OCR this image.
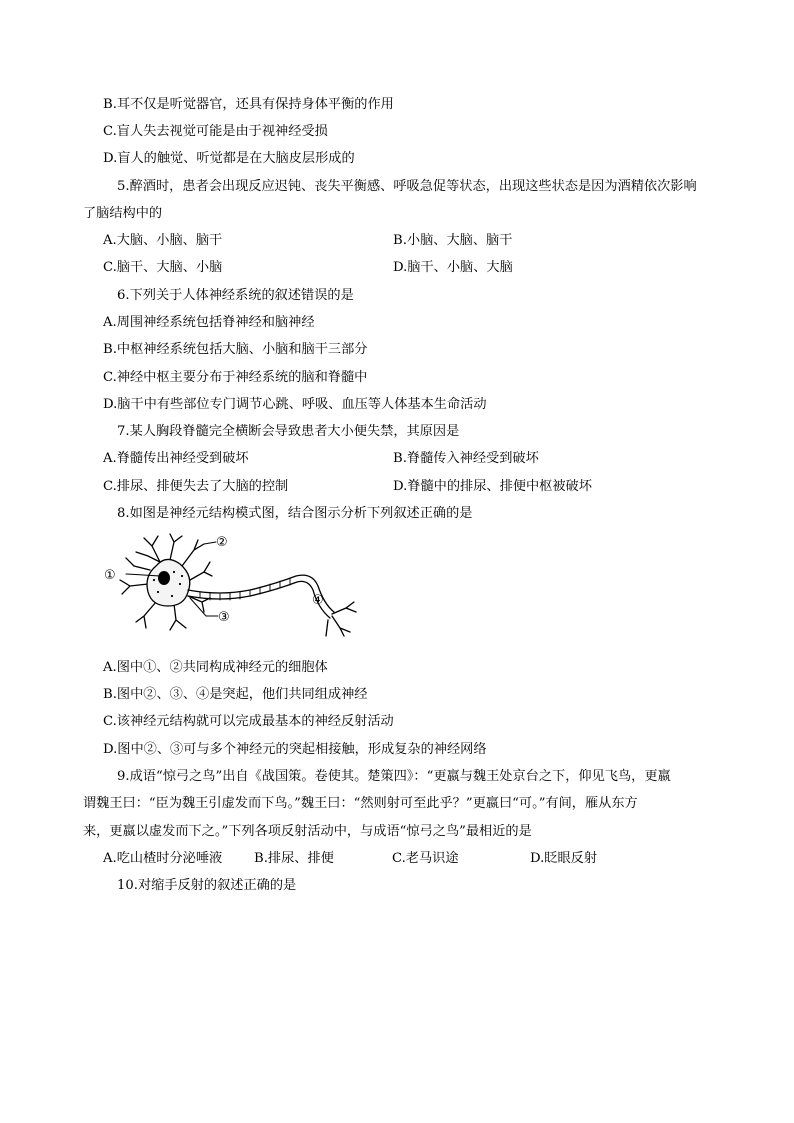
B.耳不仅是听觉器官，还具有保持身体平衡的作用
C.盲人失去视觉可能是由于视神经受损
D.盲人的触觉、听觉都是在大脑皮层形成的
5.醉酒时，患者会出现反应迟钝、丧失平衡感、呼吸急促等状态，出现这些状态是因为酒精依次影响
了脑结构中的
A.大脑、小脑、脑干	B.小脑、大脑、脑干
C.脑干、大脑、小脑	D.脑干、小脑、大脑
6.下列关于人体神经系统的叙述错误的是
A.周围神经系统包括脊神经和脑神经
B.中枢神经系统包括大脑、小脑和脑干三部分
C.神经中枢主要分布于神经系统的脑和脊髓中
D.脑干中有些部位专门调节心跳、呼吸、血压等人体基本生命活动
7.某人胸段脊髓完全横断会导致患者大小便失禁，其原因是
A.脊髓传出神经受到破坏	B.脊髓传入神经受到破坏
C.排尿、排便失去了大脑的控制	D.脊髓中的排尿、排便中枢被破坏
8.如图是神经元结构模式图，结合图示分析下列叙述正确的是
①
②
③
④
A.图中①、②共同构成神经元的细胞体
B.图中②、③、④是突起，他们共同组成神经
C.该神经元结构就可以完成最基本的神经反射活动
D.图中②、③可与多个神经元的突起相接触，形成复杂的神经网络
9.成语“惊弓之鸟”出自《战国策。卷使其。楚策四》：“更嬴与魏王处京台之下，仰见飞鸟，更嬴
谓魏王曰：“臣为魏王引虚发而下鸟。”魏王曰：“然则射可至此乎？”更嬴曰“可。”有间，雁从东方
来，更嬴以虚发而下之。”下列各项反射活动中，与成语“惊弓之鸟”最相近的是
A.吃山楂时分泌唾液 B.排尿、排便	C.老马识途	D.眨眼反射
10.对缩手反射的叙述正确的是
